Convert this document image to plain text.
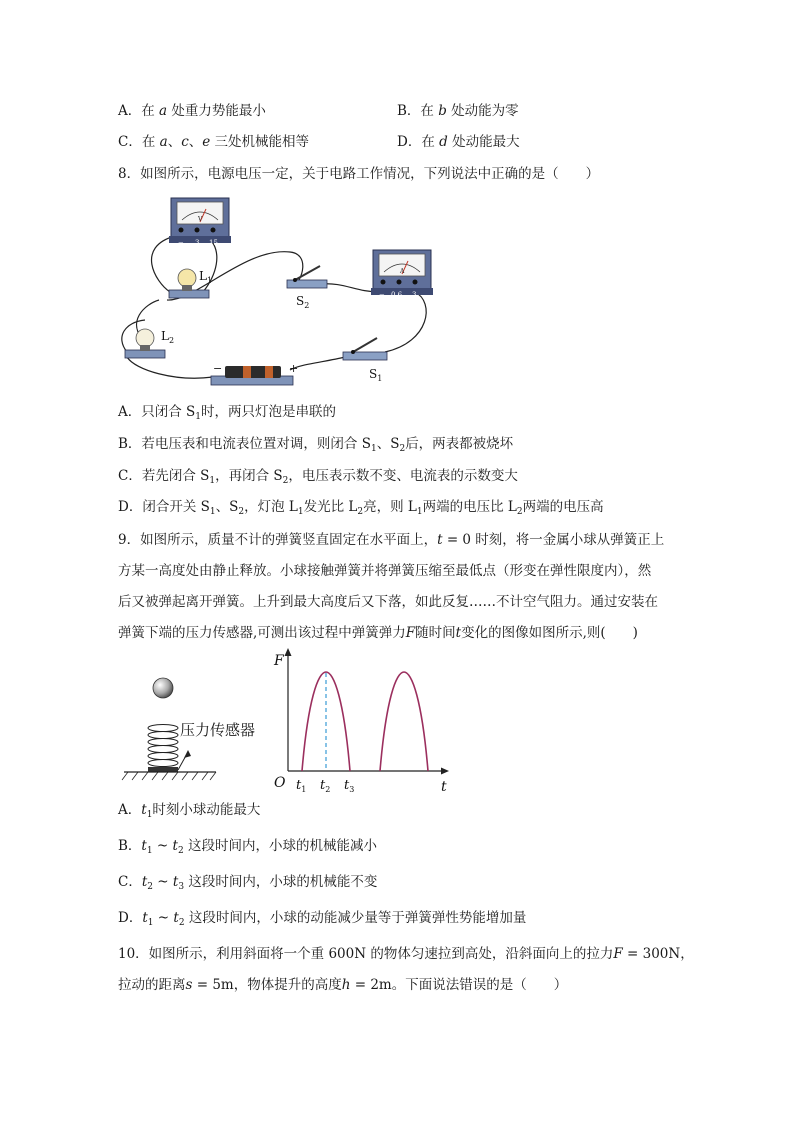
A．在 a 处重力势能最小	B．在 b 处动能为零
C．在 a、c、e 三处机械能相等	D．在 d 处动能最大
8．如图所示，电源电压一定，关于电路工作情况，下列说法中正确的是（　　）
V
− 3 15
$L_1$
$S_2$
A
− 0.6 3
$L_2$
−	+	$S_1$
A．只闭合 $S_1$时，两只灯泡是串联的
B．若电压表和电流表位置对调，则闭合 $S_1$、$S_2$后，两表都被烧坏
C．若先闭合 $S_1$，再闭合 $S_2$，电压表示数不变、电流表的示数变大
D．闭合开关 $S_1$、$S_2$，灯泡 $L_1$发光比 $L_2$亮，则 $L_1$两端的电压比 $L_2$两端的电压高
9．如图所示，质量不计的弹簧竖直固定在水平面上，t = 0 时刻，将一金属小球从弹簧正上
方某一高度处由静止释放。小球接触弹簧并将弹簧压缩至最低点（形变在弹性限度内），然
后又被弹起离开弹簧。上升到最大高度后又下落，如此反复……不计空气阻力。通过安装在
弹簧下端的压力传感器,可测出该过程中弹簧弹力F随时间t变化的图像如图所示,则(　　)
压力传感器
F
t
O $t_1$ $t_2$ $t_3$
A．$t_1$时刻小球动能最大
B．$t_1$ ~ $t_2$ 这段时间内，小球的机械能减小
C．$t_2$ ~ $t_3$ 这段时间内，小球的机械能不变
D．$t_1$ ~ $t_2$ 这段时间内，小球的动能减少量等于弹簧弹性势能增加量
10．如图所示，利用斜面将一个重 600N 的物体匀速拉到高处，沿斜面向上的拉力F = 300N，
拉动的距离s = 5m，物体提升的高度h = 2m。下面说法错误的是（　　）
